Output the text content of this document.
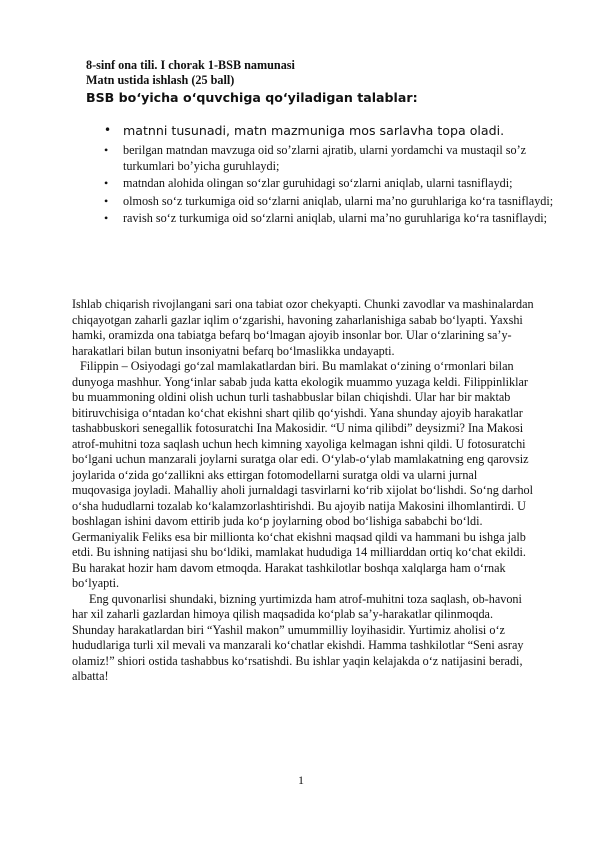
8-sinf ona tili. I chorak 1-BSB namunasi
Matn ustida ishlash (25 ball)
BSB bo‘yicha o‘quvchiga qo‘yiladigan talablar:
• matnni tusunadi, matn mazmuniga mos sarlavha topa oladi.
• berilgan matndan mavzuga oid so’zlarni ajratib, ularni yordamchi va mustaqil so’z turkumlari bo’yicha guruhlaydi;
• matndan alohida olingan so‘zlar guruhidagi so‘zlarni aniqlab, ularni tasniflaydi;
• olmosh so‘z turkumiga oid so‘zlarni aniqlab, ularni ma’no guruhlariga ko‘ra tasniflaydi;
• ravish so‘z turkumiga oid so‘zlarni aniqlab, ularni ma’no guruhlariga ko‘ra tasniflaydi;

Ishlab chiqarish rivojlangani sari ona tabiat ozor chekyapti. Chunki zavodlar va mashinalardan chiqayotgan zaharli gazlar iqlim o‘zgarishi, havoning zaharlanishiga sabab bo‘lyapti. Yaxshi hamki, oramizda ona tabiatga befarq bo‘lmagan ajoyib insonlar bor. Ular o‘zlarining sa’y-harakatlari bilan butun insoniyatni befarq bo‘lmaslikka undayapti.

Filippin – Osiyodagi go‘zal mamlakatlardan biri. Bu mamlakat o‘zining o‘rmonlari bilan dunyoga mashhur. Yong‘inlar sabab juda katta ekologik muammo yuzaga keldi. Filippinliklar bu muammoning oldini olish uchun turli tashabbuslar bilan chiqishdi. Ular har bir maktab bitiruvchisiga o‘ntadan ko‘chat ekishni shart qilib qo‘yishdi. Yana shunday ajoyib harakatlar tashabbuskori senegallik fotosuratchi Ina Makosidir. “U nima qilibdi” deysizmi? Ina Makosi atrof-muhitni toza saqlash uchun hech kimning xayoliga kelmagan ishni qildi. U fotosuratchi bo‘lgani uchun manzarali joylarni suratga olar edi. O‘ylab-o‘ylab mamlakatning eng qarovsiz joylarida o‘zida go‘zallikni aks ettirgan fotomodellarni suratga oldi va ularni jurnal muqovasiga joyladi. Mahalliy aholi jurnaldagi tasvirlarni ko‘rib xijolat bo‘lishdi. So‘ng darhol o‘sha hududlarni tozalab ko‘kalamzorlashtirishdi. Bu ajoyib natija Makosini ilhomlantirdi. U boshlagan ishini davom ettirib juda ko‘p joylarning obod bo‘lishiga sababchi bo‘ldi. Germaniyalik Feliks esa bir millionta ko‘chat ekishni maqsad qildi va hammani bu ishga jalb etdi. Bu ishning natijasi shu bo‘ldiki, mamlakat hududiga 14 milliarddan ortiq ko‘chat ekildi. Bu harakat hozir ham davom etmoqda. Harakat tashkilotlar boshqa xalqlarga ham o‘rnak bo‘lyapti.

Eng quvonarlisi shundaki, bizning yurtimizda ham atrof-muhitni toza saqlash, ob-havoni har xil zaharli gazlardan himoya qilish maqsadida ko‘plab sa’y-harakatlar qilinmoqda. Shunday harakatlardan biri “Yashil makon” umummilliy loyihasidir. Yurtimiz aholisi o‘z hududlariga turli xil mevali va manzarali ko‘chatlar ekishdi. Hamma tashkilotlar “Seni asray olamiz!” shiori ostida tashabbus ko‘rsatishdi. Bu ishlar yaqin kelajakda o‘z natijasini beradi, albatta!

1
